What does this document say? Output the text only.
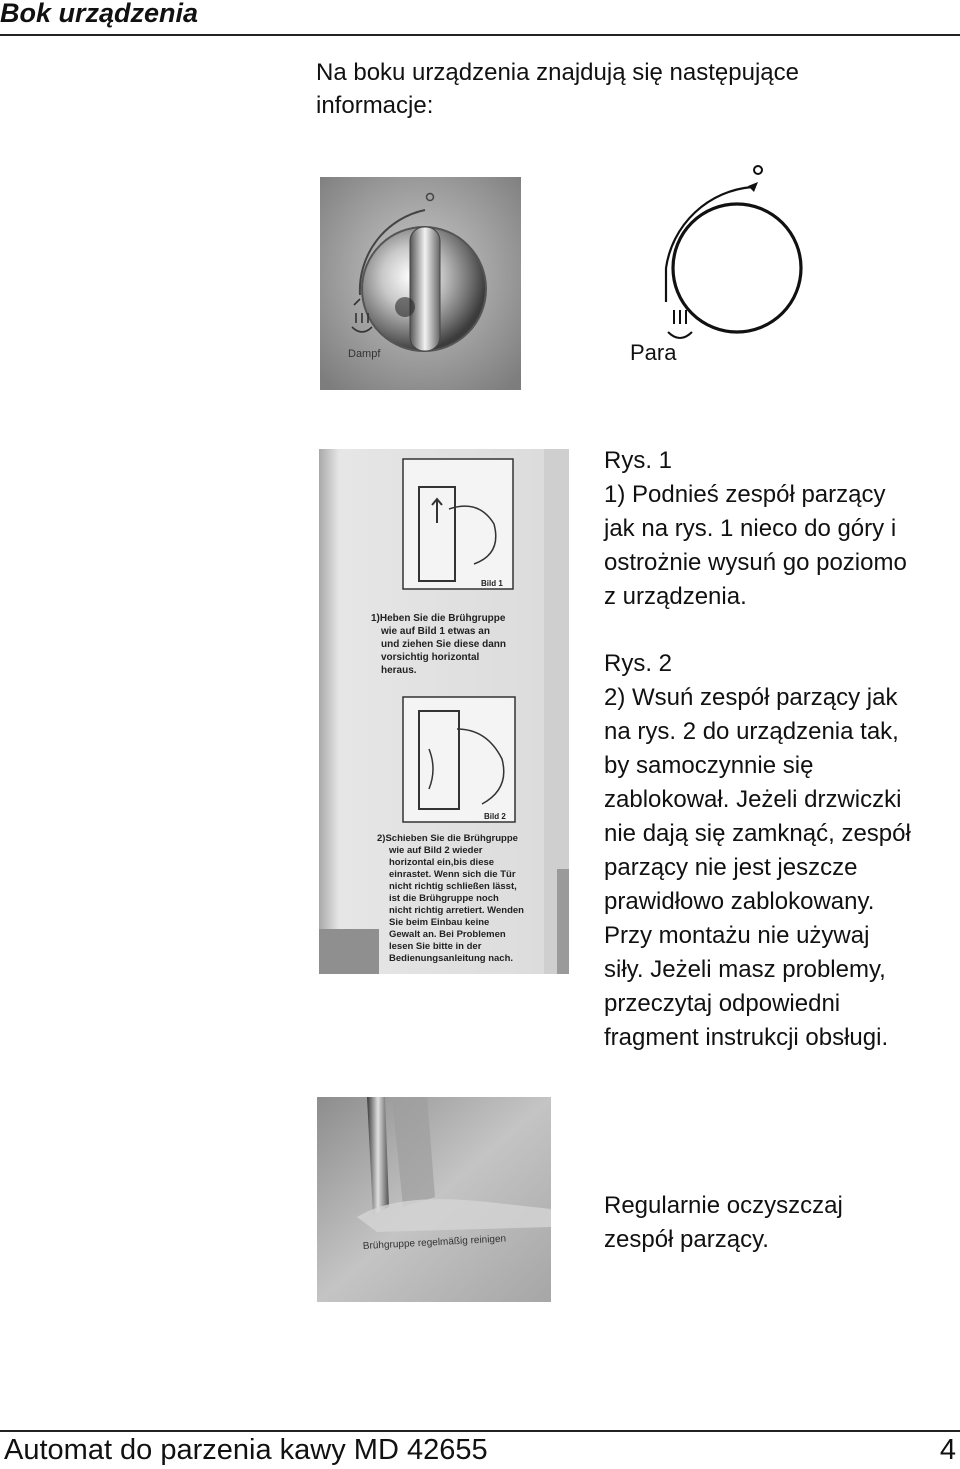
Bok urządzenia
Na boku urządzenia znajdują się następujące informacje:
Dampf	Para
Bild 1
1)Heben Sie die Brühgruppe
wie auf Bild 1 etwas an
und ziehen Sie diese dann
vorsichtig horizontal
heraus.
Bild 2
2)Schieben Sie die Brühgruppe
wie auf Bild 2 wieder
horizontal ein,bis diese
einrastet. Wenn sich die Tür
nicht richtig schließen lässt,
ist die Brühgruppe noch
nicht richtig arretiert. Wenden
Sie beim Einbau keine
Gewalt an. Bei Problemen
lesen Sie bitte in der
Bedienungsanleitung nach.

Rys. 1

1) Podnieś zespół parzący

jak na rys. 1 nieco do góry i

ostrożnie wysuń go poziomo

z urządzenia.

Rys. 2

2) Wsuń zespół parzący jak

na rys. 2 do urządzenia tak,

by samoczynnie się

zablokował. Jeżeli drzwiczki

nie dają się zamknąć, zespół

parzący nie jest jeszcze

prawidłowo zablokowany.

Przy montażu nie używaj

siły. Jeżeli masz problemy,

przeczytaj odpowiedni

fragment instrukcji obsługi.

Brühgruppe regelmäßig reinigen

Regularnie oczyszczaj

zespół parzący.

Automat do parzenia kawy MD 42655	4
